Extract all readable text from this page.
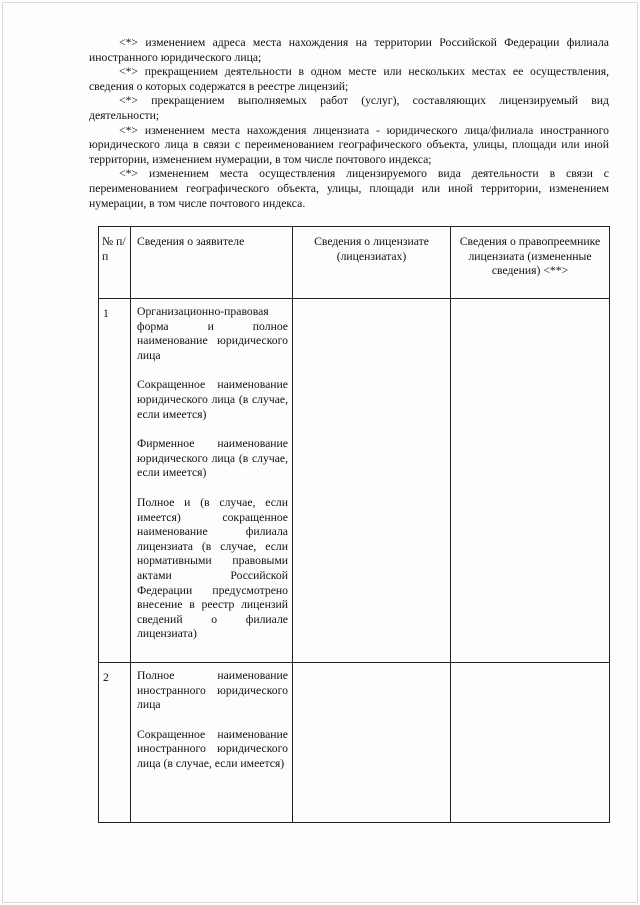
<*> изменением адреса места нахождения на территории Российской Федерации филиала иностранного юридического лица;

<*> прекращением деятельности в одном месте или нескольких местах ее осуществления, сведения о которых содержатся в реестре лицензий;

<*> прекращением выполняемых работ (услуг), составляющих лицензируемый вид деятельности;

<*> изменением места нахождения лицензиата - юридического лица/филиала иностранного юридического лица в связи с переименованием географического объекта, улицы, площади или иной территории, изменением нумерации, в том числе почтового индекса;

<*> изменением места осуществления лицензируемого вида деятельности в связи с переименованием географического объекта, улицы, площади или иной территории, изменением нумерации, в том числе почтового индекса.

№ п/п	Сведения о заявителе	Сведения о лицензиате (лицензиатах)	Сведения о правопреемнике лицензиата (измененные сведения) <**>

1	Организационно-правовая форма и полное наименование юридического лица

Сокращенное наименование юридического лица (в случае, если имеется)

Фирменное наименование юридического лица (в случае, если имеется)

Полное и (в случае, если имеется) сокращенное наименование филиала лицензиата (в случае, если нормативными правовыми актами Российской Федерации предусмотрено внесение в реестр лицензий сведений о филиале лицензиата)		

2	Полное наименование иностранного юридического лица

Сокращенное наименование иностранного юридического лица (в случае, если имеется)		
